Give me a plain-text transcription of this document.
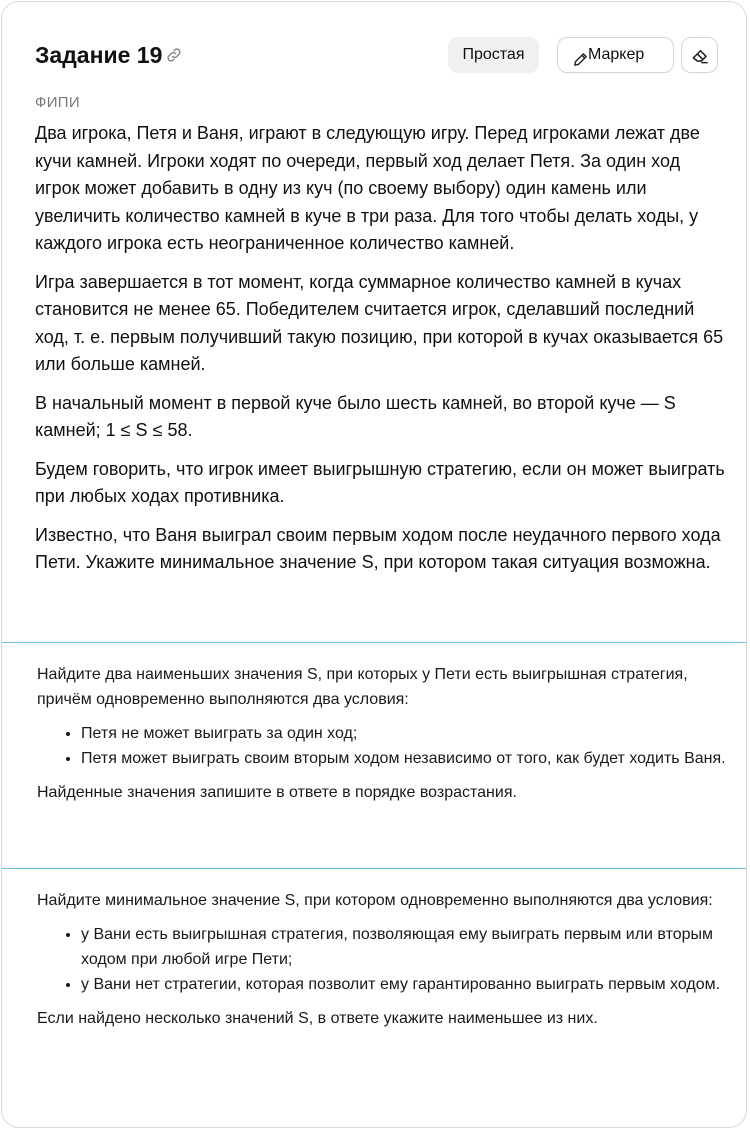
Задание 19	Простая	Маркер
ФИПИ

Два игрока, Петя и Ваня, играют в следующую игру. Перед игроками лежат две кучи камней. Игроки ходят по очереди, первый ход делает Петя. За один ход игрок может добавить в одну из куч (по своему выбору) один камень или увеличить количество камней в куче в три раза. Для того чтобы делать ходы, у каждого игрока есть неограниченное количество камней.

Игра завершается в тот момент, когда суммарное количество камней в кучах становится не менее 65. Победителем считается игрок, сделавший последний ход, т. е. первым получивший такую позицию, при которой в кучах оказывается 65 или больше камней.

В начальный момент в первой куче было шесть камней, во второй куче — S камней; 1 ≤ S ≤ 58.

Будем говорить, что игрок имеет выигрышную стратегию, если он может выиграть при любых ходах противника.

Известно, что Ваня выиграл своим первым ходом после неудачного первого хода Пети. Укажите минимальное значение S, при котором такая ситуация возможна.

Найдите два наименьших значения S, при которых у Пети есть выигрышная стратегия, причём одновременно выполняются два условия:

• Петя не может выиграть за один ход;
• Петя может выиграть своим вторым ходом независимо от того, как будет ходить Ваня.

Найденные значения запишите в ответе в порядке возрастания.

Найдите минимальное значение S, при котором одновременно выполняются два условия:

• у Вани есть выигрышная стратегия, позволяющая ему выиграть первым или вторым ходом при любой игре Пети;
• у Вани нет стратегии, которая позволит ему гарантированно выиграть первым ходом.

Если найдено несколько значений S, в ответе укажите наименьшее из них.
